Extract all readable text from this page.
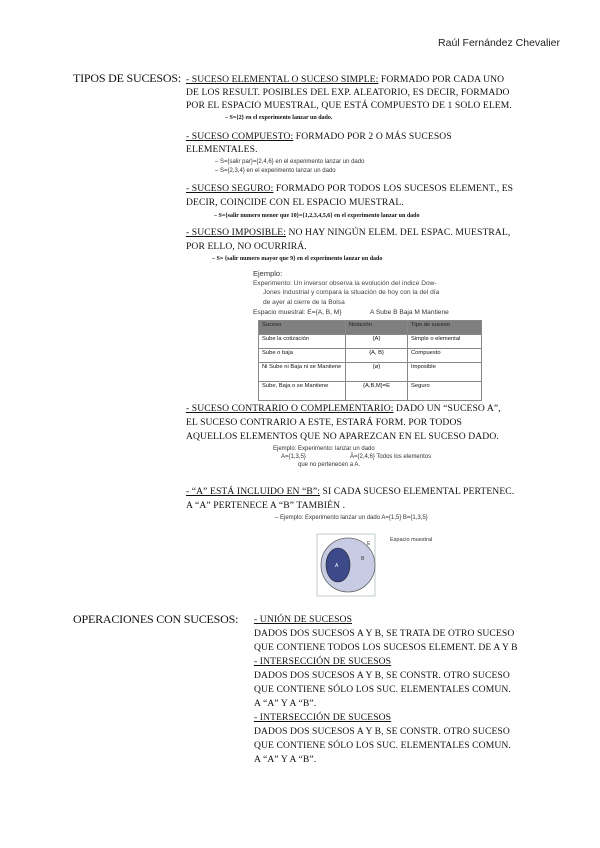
Raúl Fernández Chevalier
TIPOS DE SUCESOS: - SUCESO ELEMENTAL O SUCESO SIMPLE: FORMADO POR CADA UNO
DE LOS RESULT. POSIBLES DEL EXP. ALEATORIO, ES DECIR, FORMADO
POR EL ESPACIO MUESTRAL, QUE ESTÁ COMPUESTO DE 1 SOLO ELEM.
– S={2} en el experimento lanzar un dado.
- SUCESO COMPUESTO: FORMADO POR 2 O MÁS SUCESOS
ELEMENTALES.
– S={salir par}={2,4,6} en el experimento lanzar un dado
– S={2,3,4} en el experimento lanzar un dado
- SUCESO SEGURO: FORMADO POR TODOS LOS SUCESOS ELEMENT., ES
DECIR, COINCIDE CON EL ESPACIO MUESTRAL.
– S={salir numero menor que 10}={1,2,3,4,5,6} en el experimento lanzar un dado
- SUCESO IMPOSIBLE: NO HAY NINGÚN ELEM. DEL ESPAC. MUESTRAL,
POR ELLO, NO OCURRIRÁ.
– S= {salir numero mayor que 9} en el experimento lanzar un dado
Ejemplo:
Experimento: Un inversor observa la evolución del índice Dow-
Jones Industrial y compara la situación de hoy con la del día
de ayer al cierre de la Bolsa
Espacio muestral: E={A, B, M}	A Sube B Baja M Mantiene
Suceso	Notación	Tipo de suceso
Sube la cotización	{A}	Simple o elemental
Sube o baja	{A, B}	Compuesto
Ni Sube ni Baja ni se Mantiene	{ø}	Imposible
Sube, Baja o se Mantiene	{A,B,M}=E	Seguro
- SUCESO CONTRARIO O COMPLEMENTARIO: DADO UN “SUCESO A”,
EL SUCESO CONTRARIO A ESTE, ESTARÁ FORM. POR TODOS
AQUELLOS ELEMENTOS QUE NO APAREZCAN EN EL SUCESO DADO.
Ejemplo: Experimento: lanzar un dado
A={1,3,5}	Ā={2,4,6} Todos los elementos
que no pertenecen a A.
- “A” ESTÁ INCLUIDO EN “B”: SI CADA SUCESO ELEMENTAL PERTENEC.
A “A” PERTENECE A “B” TAMBIÉN .
– Ejemplo: Experimento lanzar un dado A={1,5} B={1,3,5}
E
A
B
Espacio muestral
OPERACIONES CON SUCESOS: - UNIÓN DE SUCESOS
DADOS DOS SUCESOS A Y B, SE TRATA DE OTRO SUCESO
QUE CONTIENE TODOS LOS SUCESOS ELEMENT. DE A Y B
- INTERSECCIÓN DE SUCESOS
DADOS DOS SUCESOS A Y B, SE CONSTR. OTRO SUCESO
QUE CONTIENE SÓLO LOS SUC. ELEMENTALES COMUN.
A “A” Y A “B”.
- INTERSECCIÓN DE SUCESOS
DADOS DOS SUCESOS A Y B, SE CONSTR. OTRO SUCESO
QUE CONTIENE SÓLO LOS SUC. ELEMENTALES COMUN.
A “A” Y A “B”.
